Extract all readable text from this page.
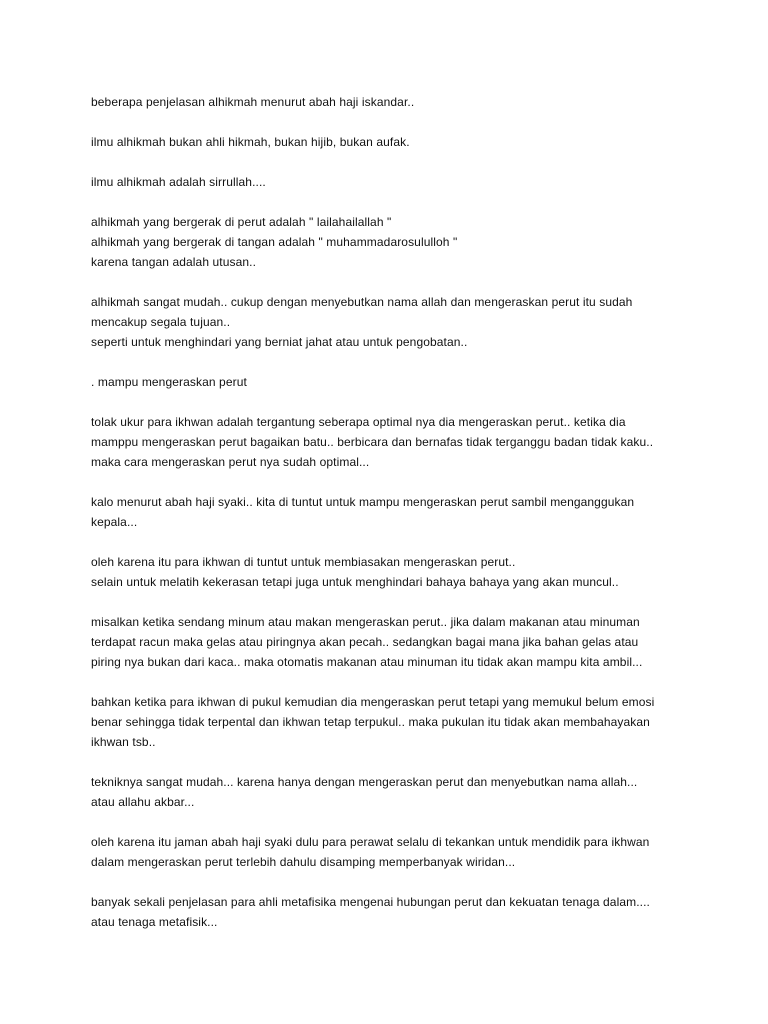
beberapa penjelasan alhikmah menurut abah haji iskandar..
ilmu alhikmah bukan ahli hikmah, bukan hijib, bukan aufak.
ilmu alhikmah adalah sirrullah....
alhikmah yang bergerak di perut adalah " lailahailallah "
alhikmah yang bergerak di tangan adalah " muhammadarosululloh "
karena tangan adalah utusan..
alhikmah sangat mudah.. cukup dengan menyebutkan nama allah dan mengeraskan perut itu sudah
mencakup segala tujuan..
seperti untuk menghindari yang berniat jahat atau untuk pengobatan..
. mampu mengeraskan perut
tolak ukur para ikhwan adalah tergantung seberapa optimal nya dia mengeraskan perut.. ketika dia
mamppu mengeraskan perut bagaikan batu.. berbicara dan bernafas tidak terganggu badan tidak kaku..
maka cara mengeraskan perut nya sudah optimal...
kalo menurut abah haji syaki.. kita di tuntut untuk mampu mengeraskan perut sambil menganggukan
kepala...
oleh karena itu para ikhwan di tuntut untuk membiasakan mengeraskan perut..
selain untuk melatih kekerasan tetapi juga untuk menghindari bahaya bahaya yang akan muncul..
misalkan ketika sendang minum atau makan mengeraskan perut.. jika dalam makanan atau minuman
terdapat racun maka gelas atau piringnya akan pecah.. sedangkan bagai mana jika bahan gelas atau
piring nya bukan dari kaca.. maka otomatis makanan atau minuman itu tidak akan mampu kita ambil...
bahkan ketika para ikhwan di pukul kemudian dia mengeraskan perut tetapi yang memukul belum emosi
benar sehingga tidak terpental dan ikhwan tetap terpukul.. maka pukulan itu tidak akan membahayakan
ikhwan tsb..
tekniknya sangat mudah... karena hanya dengan mengeraskan perut dan menyebutkan nama allah...
atau allahu akbar...
oleh karena itu jaman abah haji syaki dulu para perawat selalu di tekankan untuk mendidik para ikhwan
dalam mengeraskan perut terlebih dahulu disamping memperbanyak wiridan...
banyak sekali penjelasan para ahli metafisika mengenai hubungan perut dan kekuatan tenaga dalam....
atau tenaga metafisik...
